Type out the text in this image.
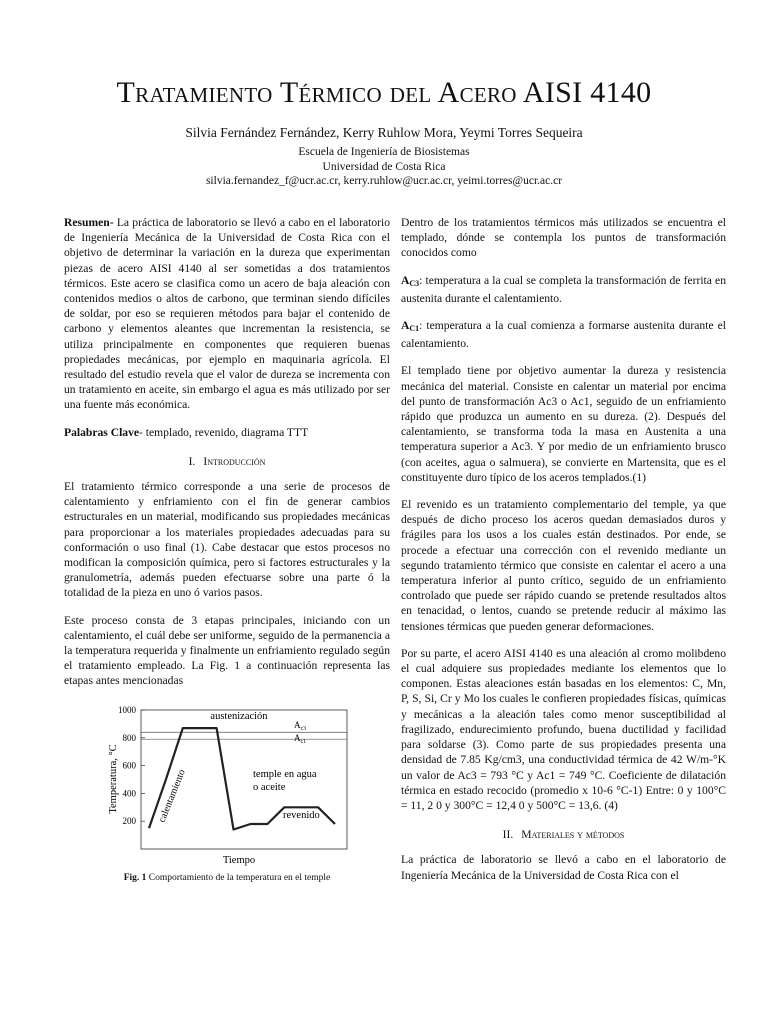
Tratamiento Térmico del Acero AISI 4140
Silvia Fernández Fernández, Kerry Ruhlow Mora, Yeymi Torres Sequeira
Escuela de Ingeniería de Biosistemas
Universidad de Costa Rica
silvia.fernandez_f@ucr.ac.cr, kerry.ruhlow@ucr.ac.cr, yeimi.torres@ucr.ac.cr

Resumen- La práctica de laboratorio se llevó a cabo en el laboratorio de Ingeniería Mecánica de la Universidad de Costa Rica con el objetivo de determinar la variación en la dureza que experimentan piezas de acero AISI 4140 al ser sometidas a dos tratamientos térmicos. Este acero se clasifica como un acero de baja aleación con contenidos medios o altos de carbono, que terminan siendo difíciles de soldar, por eso se requieren métodos para bajar el contenido de carbono y elementos aleantes que incrementan la resistencia, se utiliza principalmente en componentes que requieren buenas propiedades mecánicas, por ejemplo en maquinaria agrícola. El resultado del estudio revela que el valor de dureza se incrementa con un tratamiento en aceite, sin embargo el agua es más utilizado por ser una fuente más económica.

Palabras Clave- templado, revenido, diagrama TTT

I. Introducción

El tratamiento térmico corresponde a una serie de procesos de calentamiento y enfriamiento con el fin de generar cambios estructurales en un material, modificando sus propiedades mecánicas para proporcionar a los materiales propiedades adecuadas para su conformación o uso final (1). Cabe destacar que estos procesos no modifican la composición química, pero si factores estructurales y la granulometría, además pueden efectuarse sobre una parte ó la totalidad de la pieza en uno ó varios pasos.

Este proceso consta de 3 etapas principales, iniciando con un calentamiento, el cuál debe ser uniforme, seguido de la permanencia a la temperatura requerida y finalmente un enfriamiento regulado según el tratamiento empleado. La Fig. 1 a continuación representa las etapas antes mencionadas

200
400
600
800
1000
austenización
$A_{c3}$
$A_{c1}$
temple en agua
o aceite
revenido
calentamiento
Temperatura, °C
Tiempo
Fig. 1 Comportamiento de la temperatura en el temple

Dentro de los tratamientos térmicos más utilizados se encuentra el templado, dónde se contempla los puntos de transformación conocidos como

$A_{C3}$: temperatura a la cual se completa la transformación de ferrita en austenita durante el calentamiento.

$A_{C1}$: temperatura a la cual comienza a formarse austenita durante el calentamiento.

El templado tiene por objetivo aumentar la dureza y resistencia mecánica del material. Consiste en calentar un material por encima del punto de transformación Ac3 o Ac1, seguido de un enfriamiento rápido que produzca un aumento en su dureza. (2). Después del calentamiento, se transforma toda la masa en Austenita a una temperatura superior a Ac3. Y por medio de un enfriamiento brusco (con aceites, agua o salmuera), se convierte en Martensita, que es el constituyente duro típico de los aceros templados.(1)

El revenido es un tratamiento complementario del temple, ya que después de dicho proceso los aceros quedan demasiados duros y frágiles para los usos a los cuales están destinados. Por ende, se procede a efectuar una corrección con el revenido mediante un segundo tratamiento térmico que consiste en calentar el acero a una temperatura inferior al punto crítico, seguido de un enfriamiento controlado que puede ser rápido cuando se pretende resultados altos en tenacidad, o lentos, cuando se pretende reducir al máximo las tensiones térmicas que pueden generar deformaciones.

Por su parte, el acero AISI 4140 es una aleación al cromo molibdeno el cual adquiere sus propiedades mediante los elementos que lo componen. Estas aleaciones están basadas en los elementos: C, Mn, P, S, Si, Cr y Mo los cuales le confieren propiedades físicas, químicas y mecánicas a la aleación tales como menor susceptibilidad al fragilizado, endurecimiento profundo, buena ductilidad y facilidad para soldarse (3). Como parte de sus propiedades presenta una densidad de 7.85 Kg/cm3, una conductividad térmica de 42 W/m-°K un valor de Ac3 = 793 °C y Ac1 = 749 °C. Coeficiente de dilatación térmica en estado recocido (promedio x 10-6 °C-1) Entre: 0 y 100°C = 11, 2 0 y 300°C = 12,4 0 y 500°C = 13,6. (4)

II. Materiales y métodos

La práctica de laboratorio se llevó a cabo en el laboratorio de Ingeniería Mecánica de la Universidad de Costa Rica con el
